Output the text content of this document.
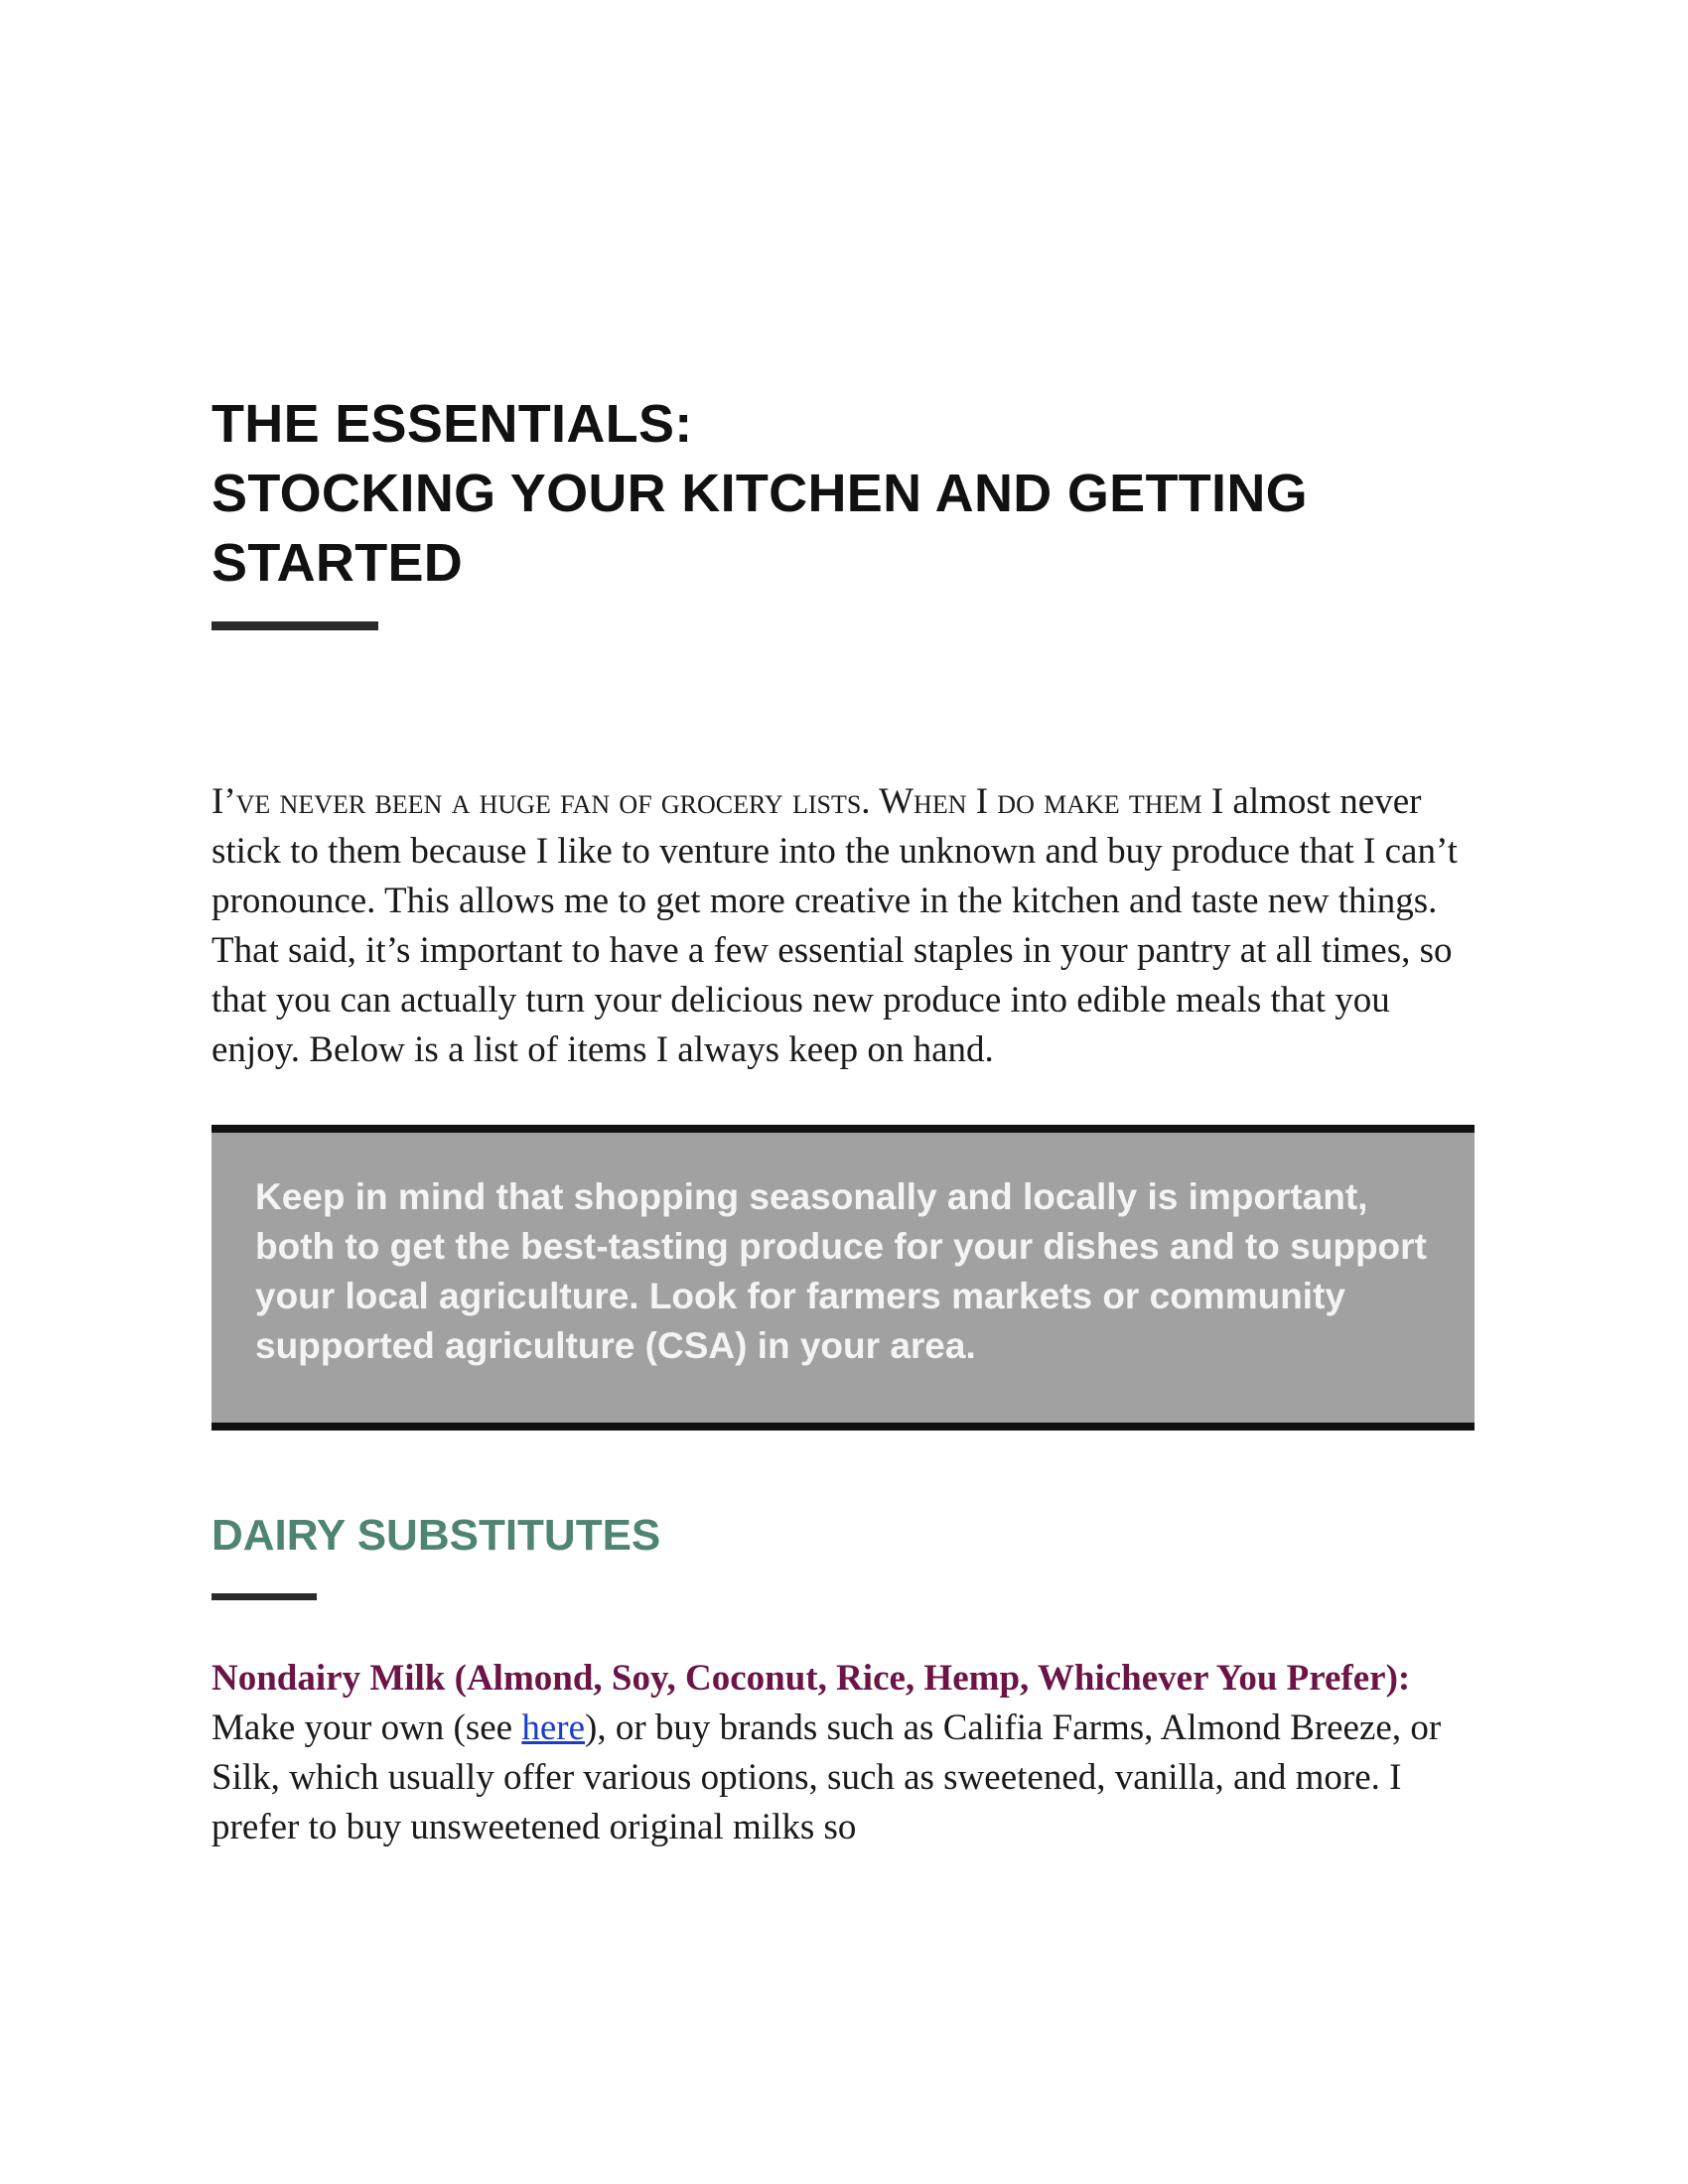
THE ESSENTIALS:
STOCKING YOUR KITCHEN AND GETTING
STARTED

I’ve never been a huge fan of grocery lists. When I do make them I almost never stick to them because I like to venture into the unknown and buy produce that I can’t pronounce. This allows me to get more creative in the kitchen and taste new things. That said, it’s important to have a few essential staples in your pantry at all times, so that you can actually turn your delicious new produce into edible meals that you enjoy. Below is a list of items I always keep on hand.

Keep in mind that shopping seasonally and locally is important, both to get the best-tasting produce for your dishes and to support your local agriculture. Look for farmers markets or community supported agriculture (CSA) in your area.

DAIRY SUBSTITUTES

Nondairy Milk (Almond, Soy, Coconut, Rice, Hemp, Whichever You Prefer): Make your own (see here), or buy brands such as Califia Farms, Almond Breeze, or Silk, which usually offer various options, such as sweetened, vanilla, and more. I prefer to buy unsweetened original milks so
